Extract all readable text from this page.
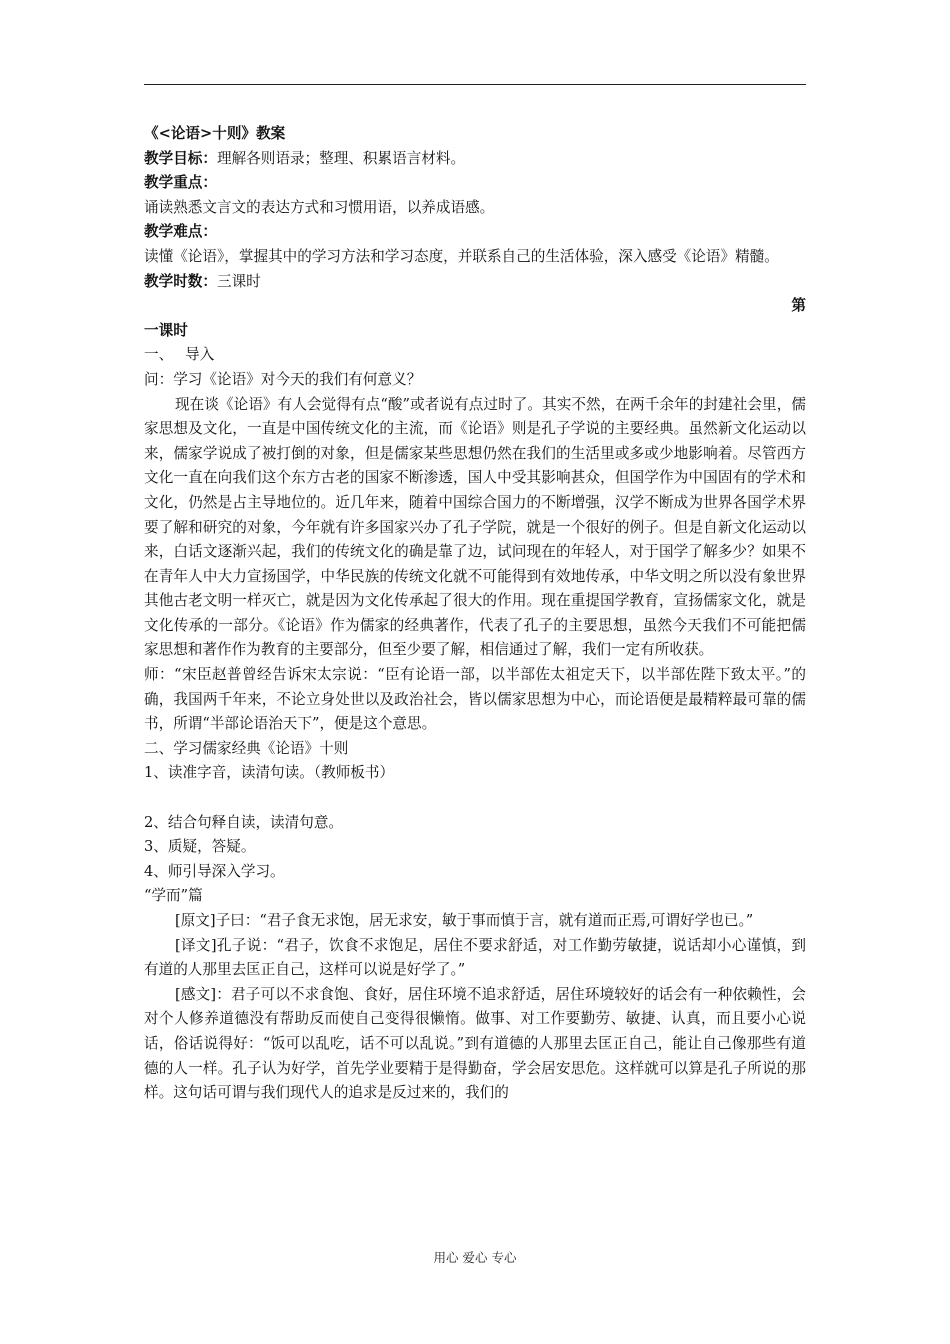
《<论语>十则》教案

教学目标：理解各则语录；整理、积累语言材料。

教学重点：

诵读熟悉文言文的表达方式和习惯用语，以养成语感。

教学难点：

读懂《论语》，掌握其中的学习方法和学习态度，并联系自己的生活体验，深入感受《论语》精髓。

教学时数：三课时

第

一课时

一、　 导入

问：学习《论语》对今天的我们有何意义？

现在谈《论语》有人会觉得有点“酸”或者说有点过时了。其实不然，在两千余年的封建社会里，儒家思想及文化，一直是中国传统文化的主流，而《论语》则是孔子学说的主要经典。虽然新文化运动以来，儒家学说成了被打倒的对象，但是儒家某些思想仍然在我们的生活里或多或少地影响着。尽管西方文化一直在向我们这个东方古老的国家不断渗透，国人中受其影响甚众，但国学作为中国固有的学术和文化，仍然是占主导地位的。近几年来，随着中国综合国力的不断增强，汉学不断成为世界各国学术界要了解和研究的对象，今年就有许多国家兴办了孔子学院，就是一个很好的例子。但是自新文化运动以来，白话文逐渐兴起，我们的传统文化的确是靠了边，试问现在的年轻人，对于国学了解多少？如果不在青年人中大力宣扬国学，中华民族的传统文化就不可能得到有效地传承，中华文明之所以没有象世界其他古老文明一样灭亡，就是因为文化传承起了很大的作用。现在重提国学教育，宣扬儒家文化，就是文化传承的一部分。《论语》作为儒家的经典著作，代表了孔子的主要思想，虽然今天我们不可能把儒家思想和著作作为教育的主要部分，但至少要了解，相信通过了解，我们一定有所收获。

师：“宋臣赵普曾经告诉宋太宗说：“臣有论语一部，以半部佐太祖定天下，以半部佐陛下致太平。”的确，我国两千年来，不论立身处世以及政治社会，皆以儒家思想为中心，而论语便是最精粹最可靠的儒书，所谓“半部论语治天下”，便是这个意思。

二、学习儒家经典《论语》十则

1、读准字音，读清句读。（教师板书）

2、结合句释自读，读清句意。

3、质疑，答疑。

4、师引导深入学习。

“学而”篇

[原文]子曰：“君子食无求饱，居无求安，敏于事而慎于言，就有道而正焉,可谓好学也已。”

[译文]孔子说：“君子，饮食不求饱足，居住不要求舒适，对工作勤劳敏捷，说话却小心谨慎，到有道的人那里去匡正自己，这样可以说是好学了。”

[感文]：君子可以不求食饱、食好，居住环境不追求舒适，居住环境较好的话会有一种依赖性，会对个人修养道德没有帮助反而使自己变得很懒惰。做事、对工作要勤劳、敏捷、认真，而且要小心说话，俗话说得好：“饭可以乱吃，话不可以乱说。”到有道德的人那里去匡正自己，能让自己像那些有道德的人一样。孔子认为好学，首先学业要精于是得勤奋，学会居安思危。这样就可以算是孔子所说的那样。这句话可谓与我们现代人的追求是反过来的，我们的

用心 爱心 专心
